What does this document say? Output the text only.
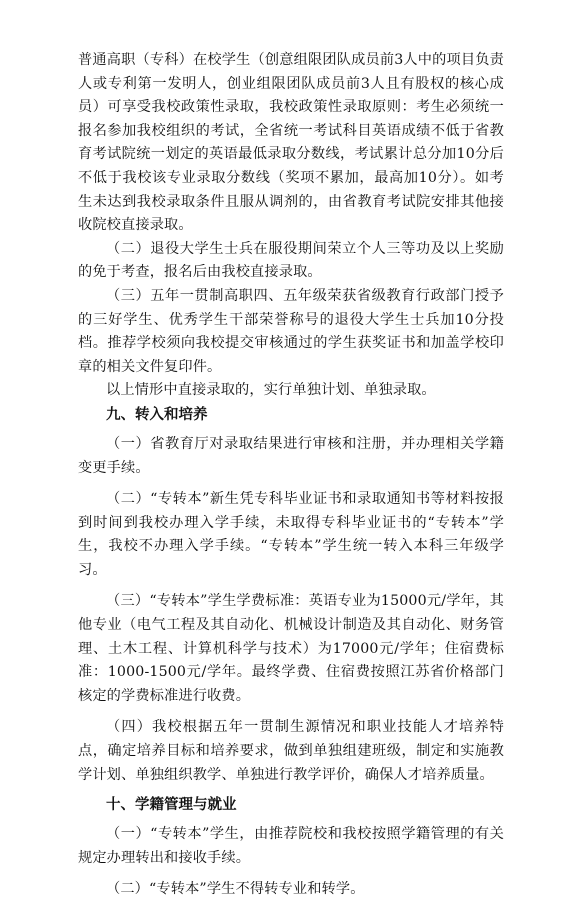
普通高职（专科）在校学生（创意组限团队成员前3人中的项目负责人或专利第一发明人，创业组限团队成员前3人且有股权的核心成员）可享受我校政策性录取，我校政策性录取原则：考生必须统一报名参加我校组织的考试，全省统一考试科目英语成绩不低于省教育考试院统一划定的英语最低录取分数线，考试累计总分加10分后不低于我校该专业录取分数线（奖项不累加，最高加10分）。如考生未达到我校录取条件且服从调剂的，由省教育考试院安排其他接收院校直接录取。

（二）退役大学生士兵在服役期间荣立个人三等功及以上奖励的免于考查，报名后由我校直接录取。

（三）五年一贯制高职四、五年级荣获省级教育行政部门授予的三好学生、优秀学生干部荣誉称号的退役大学生士兵加10分投档。推荐学校须向我校提交审核通过的学生获奖证书和加盖学校印章的相关文件复印件。

以上情形中直接录取的，实行单独计划、单独录取。

九、转入和培养

（一）省教育厅对录取结果进行审核和注册，并办理相关学籍变更手续。

（二）“专转本”新生凭专科毕业证书和录取通知书等材料按报到时间到我校办理入学手续，未取得专科毕业证书的“专转本”学生，我校不办理入学手续。“专转本”学生统一转入本科三年级学习。

（三）“专转本”学生学费标准：英语专业为15000元/学年，其他专业（电气工程及其自动化、机械设计制造及其自动化、财务管理、土木工程、计算机科学与技术）为17000元/学年；住宿费标准：1000-1500元/学年。最终学费、住宿费按照江苏省价格部门核定的学费标准进行收费。

（四）我校根据五年一贯制生源情况和职业技能人才培养特点，确定培养目标和培养要求，做到单独组建班级，制定和实施教学计划、单独组织教学、单独进行教学评价，确保人才培养质量。

十、学籍管理与就业

（一）“专转本”学生，由推荐院校和我校按照学籍管理的有关规定办理转出和接收手续。

（二）“专转本”学生不得转专业和转学。
